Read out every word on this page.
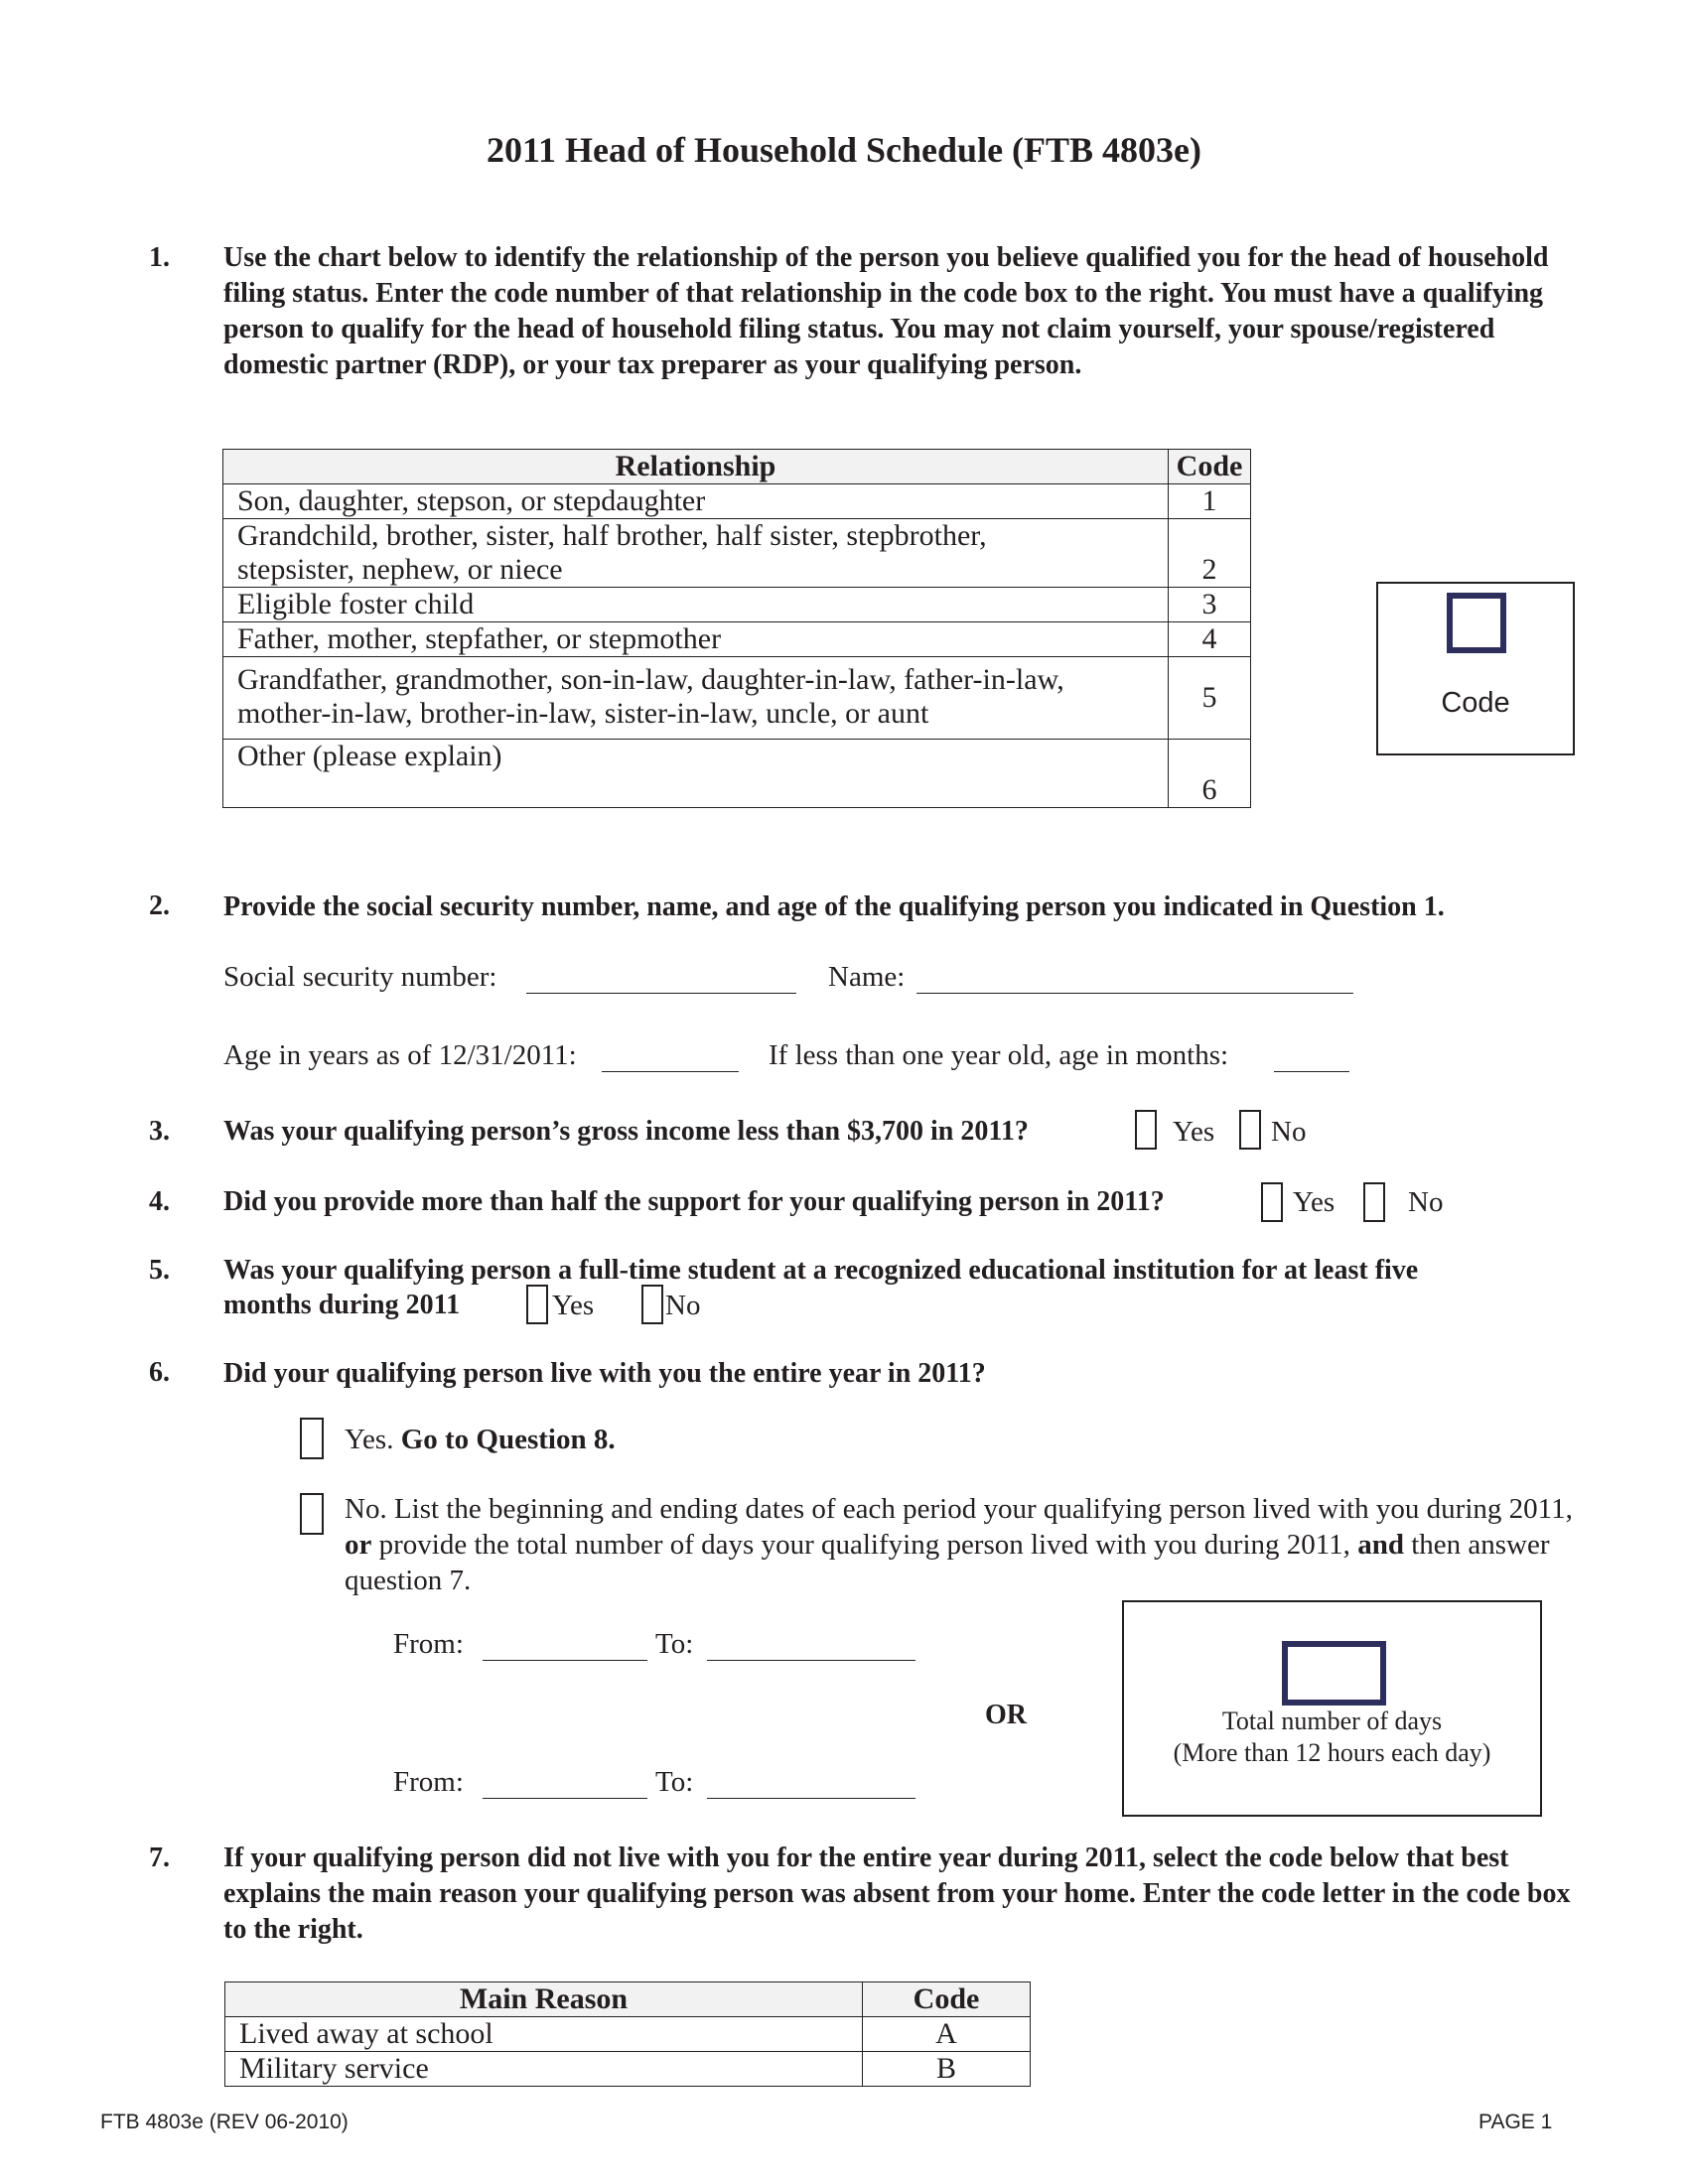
2011 Head of Household Schedule (FTB 4803e)
1. Use the chart below to identify the relationship of the person you believe qualified you for the head of household filing status. Enter the code number of that relationship in the code box to the right. You must have a qualifying person to qualify for the head of household filing status. You may not claim yourself, your spouse/registered domestic partner (RDP), or your tax preparer as your qualifying person.
Relationship	Code
Son, daughter, stepson, or stepdaughter	1
Grandchild, brother, sister, half brother, half sister, stepbrother, stepsister, nephew, or niece	2
Eligible foster child	3
Father, mother, stepfather, or stepmother	4
Grandfather, grandmother, son-in-law, daughter-in-law, father-in-law, mother-in-law, brother-in-law, sister-in-law, uncle, or aunt	5
Other (please explain)	6
Code
2. Provide the social security number, name, and age of the qualifying person you indicated in Question 1.
Social security number:	Name:
Age in years as of 12/31/2011:	If less than one year old, age in months:
3. Was your qualifying person’s gross income less than $3,700 in 2011?	Yes No
4. Did you provide more than half the support for your qualifying person in 2011?	Yes	No
5. Was your qualifying person a full-time student at a recognized educational institution for at least five
months during 2011	Yes No
6. Did your qualifying person live with you the entire year in 2011?
Yes. Go to Question 8.
No. List the beginning and ending dates of each period your qualifying person lived with you during 2011, or provide the total number of days your qualifying person lived with you during 2011, and then answer question 7.
From:	To:
OR
From:	To:
Total number of days
(More than 12 hours each day)
7. If your qualifying person did not live with you for the entire year during 2011, select the code below that best explains the main reason your qualifying person was absent from your home. Enter the code letter in the code box to the right.
Main Reason	Code
Lived away at school	A
Military service	B
FTB 4803e (REV 06-2010)	PAGE 1
